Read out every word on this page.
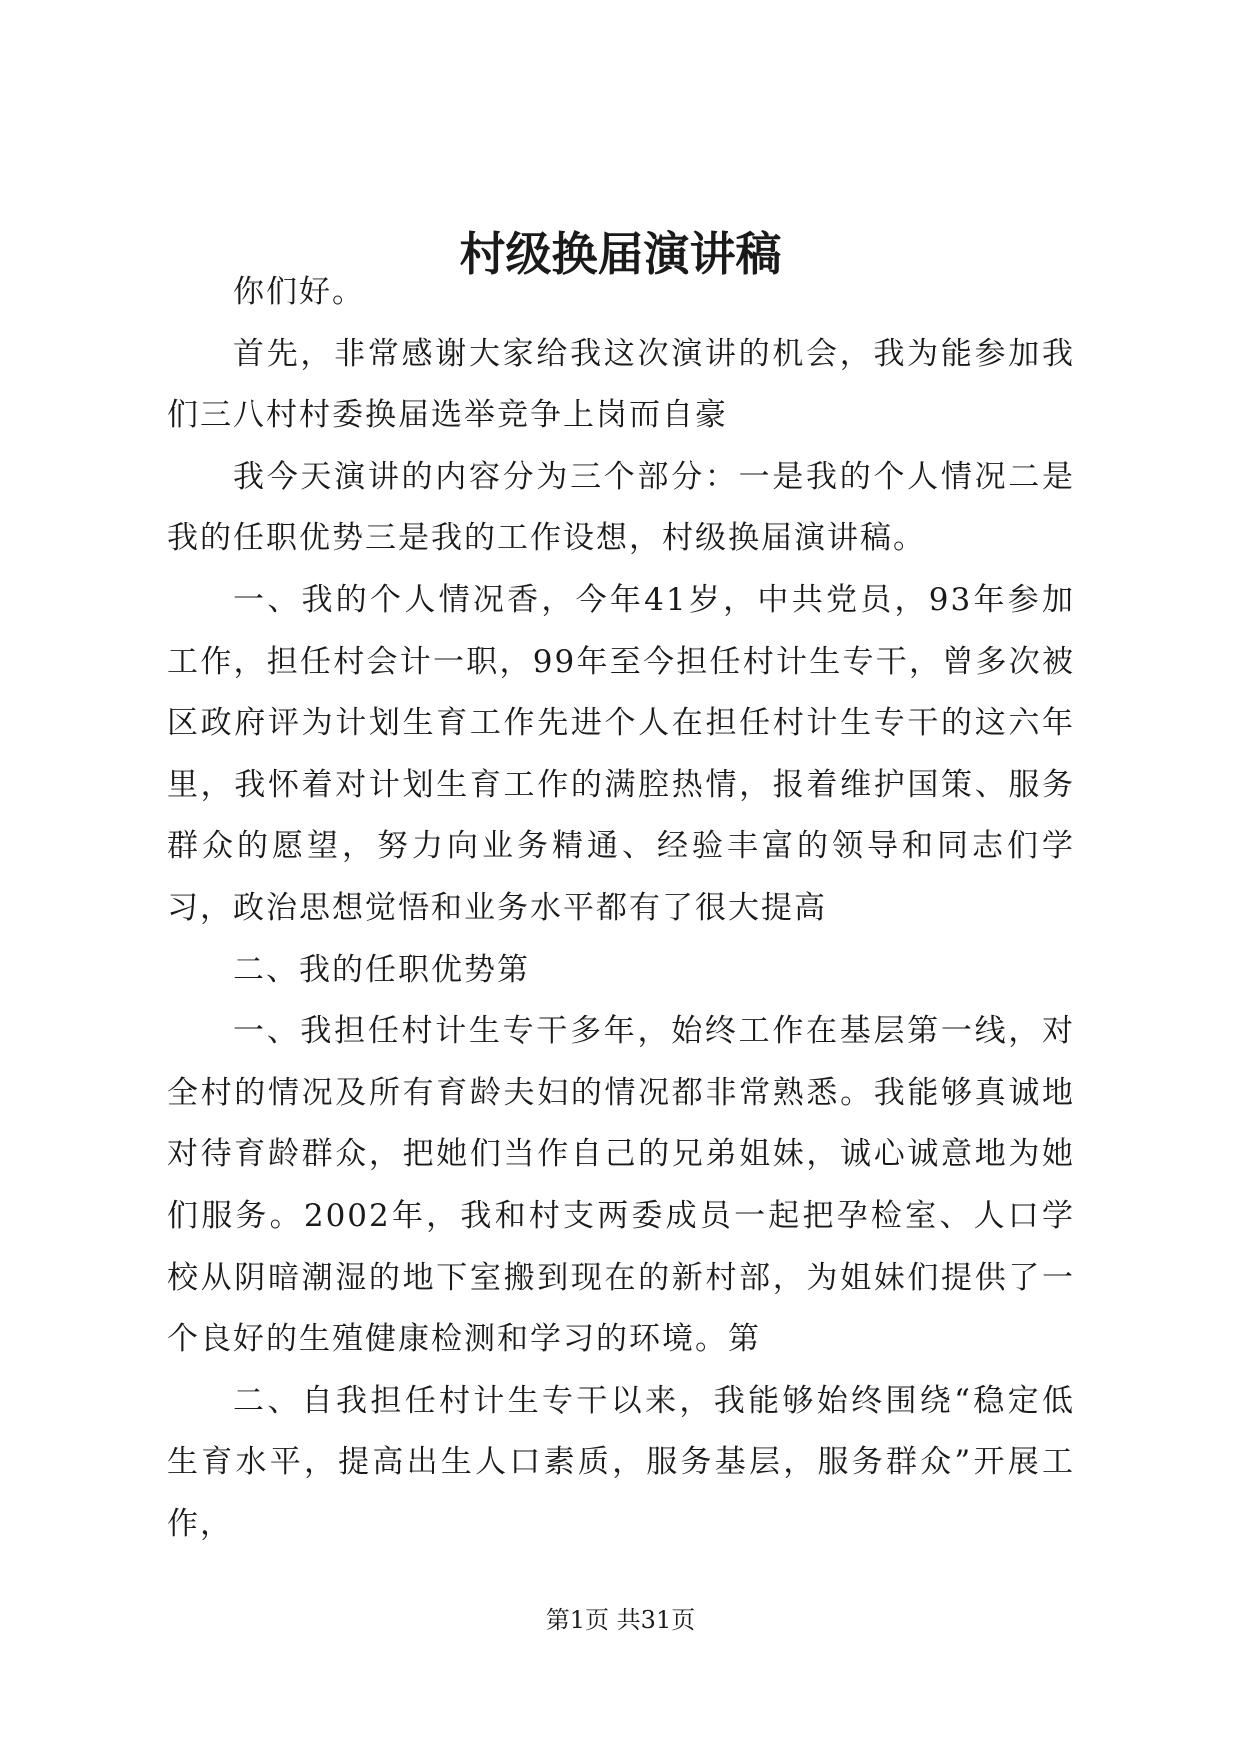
村级换届演讲稿

你们好。

首先，非常感谢大家给我这次演讲的机会，我为能参加我们三八村村委换届选举竞争上岗而自豪

我今天演讲的内容分为三个部分：一是我的个人情况二是我的任职优势三是我的工作设想，村级换届演讲稿。

一、我的个人情况香，今年41岁，中共党员，93年参加工作，担任村会计一职，99年至今担任村计生专干，曾多次被区政府评为计划生育工作先进个人在担任村计生专干的这六年里，我怀着对计划生育工作的满腔热情，报着维护国策、服务群众的愿望，努力向业务精通、经验丰富的领导和同志们学习，政治思想觉悟和业务水平都有了很大提高

二、我的任职优势第

一、我担任村计生专干多年，始终工作在基层第一线，对全村的情况及所有育龄夫妇的情况都非常熟悉。我能够真诚地对待育龄群众，把她们当作自己的兄弟姐妹，诚心诚意地为她们服务。2002年，我和村支两委成员一起把孕检室、人口学校从阴暗潮湿的地下室搬到现在的新村部，为姐妹们提供了一个良好的生殖健康检测和学习的环境。第

二、自我担任村计生专干以来，我能够始终围绕“稳定低生育水平，提高出生人口素质，服务基层，服务群众”开展工作，

第1页 共31页
